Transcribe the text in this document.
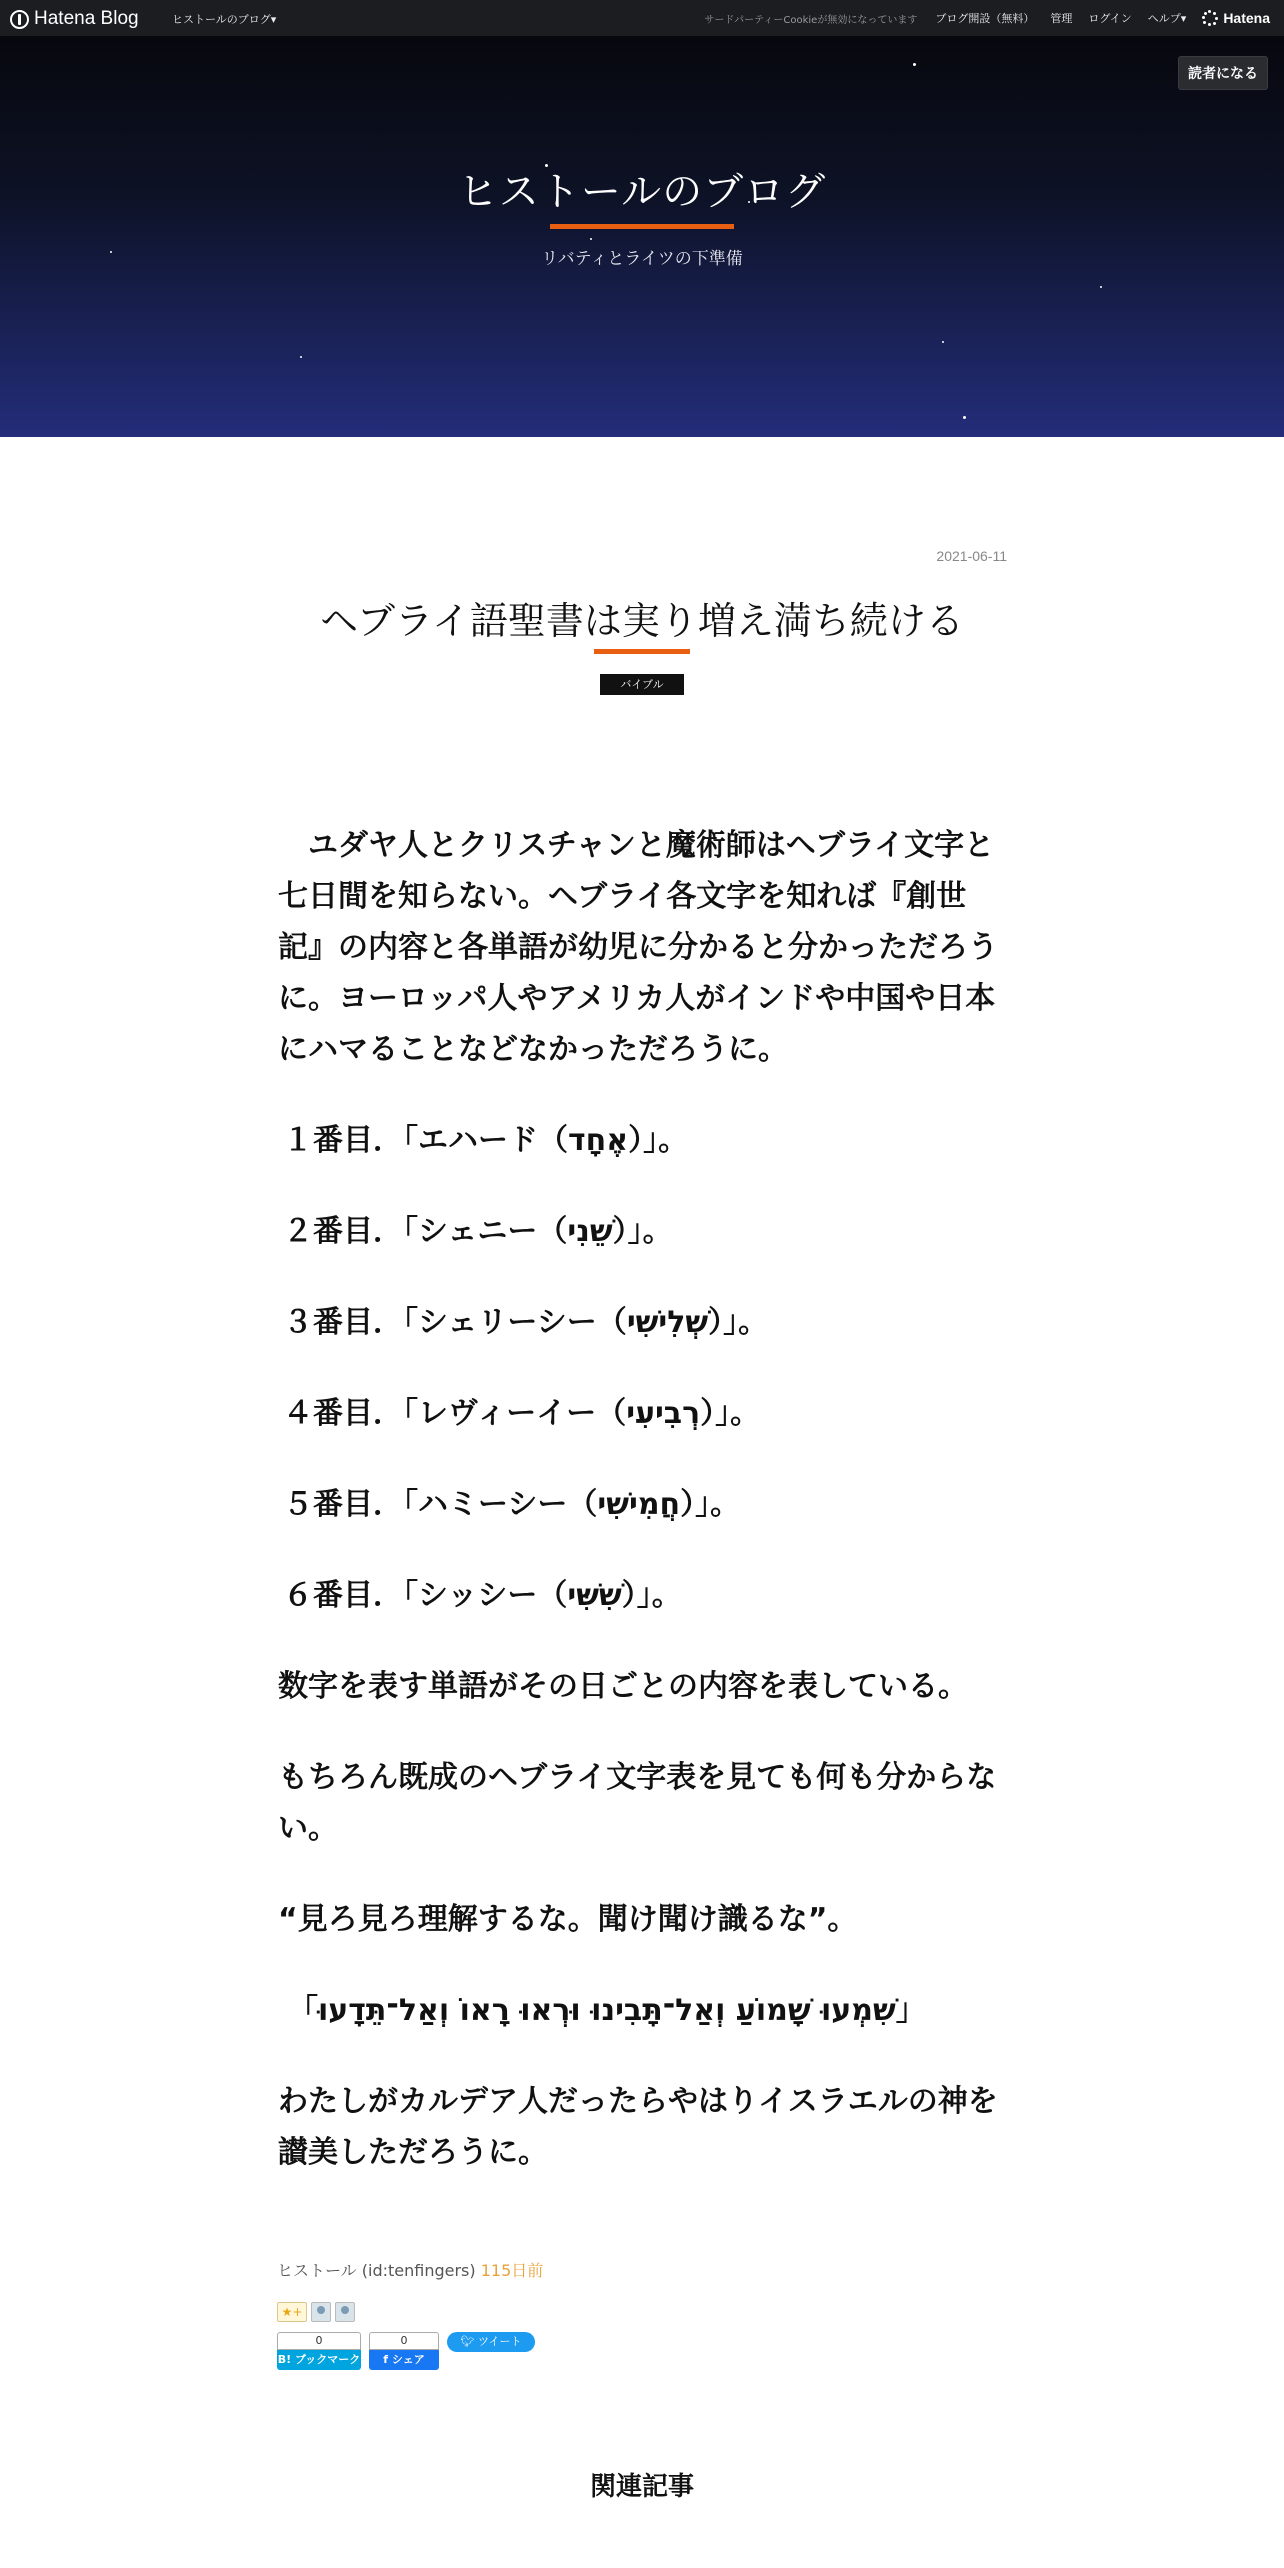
Hatena Blog	ヒストールのブログ▾	サードパーティーCookieが無効になっています ブログ開設（無料） 管理 ログイン ヘルプ▾	Hatena
読者になる
ヒストールのブログ
リバティとライツの下準備
2021-06-11
ヘブライ語聖書は実り増え満ち続ける
バイブル

ユダヤ人とクリスチャンと魔術師はヘブライ文字と七日間を知らない。ヘブライ各文字を知れば『創世記』の内容と各単語が幼児に分かると分かっただろうに。ヨーロッパ人やアメリカ人がインドや中国や日本にハマることなどなかっただろうに。

１番目．「エハード（אֶחָד）」。

２番目．「シェニー（שֵׁנִי）」。

３番目．「シェリーシー（שְׁלִישִׁי）」。

４番目．「レヴィーイー（רְבִיעִי）」。

５番目．「ハミーシー（חֲמִישִׁי）」。

６番目．「シッシー（שִׁשִּׁי）」。

数字を表す単語がその日ごとの内容を表している。

もちろん既成のヘブライ文字表を見ても何も分からない。

“見ろ見ろ理解するな。聞け聞け識るな”。

「שִׁמְעוּ שָׁמוֹעַ וְאַל־תָּבִינוּ וּרְאוּ רָאוֹ וְאַל־תֵּדָעוּ」

わたしがカルデア人だったらやはりイスラエルの神を讃美しただろうに。

ヒストール (id:tenfingers) 115日前
★+
0
B! ブックマーク
0
f シェア
🐦︎ ツイート
関連記事
